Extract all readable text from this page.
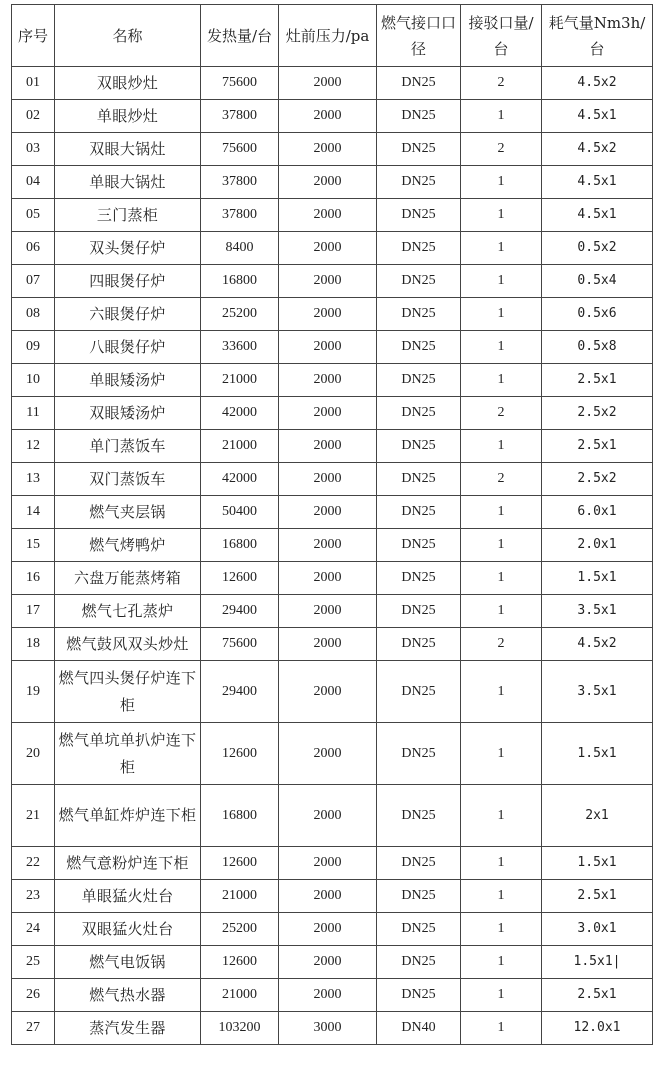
序号	名称	发热量/台	灶前压力/pa	燃气接口口径	接驳口量/台	耗气量Nm3h/台
01	双眼炒灶	75600	2000	DN25	2	4.5x2
02	单眼炒灶	37800	2000	DN25	1	4.5x1
03	双眼大锅灶	75600	2000	DN25	2	4.5x2
04	单眼大锅灶	37800	2000	DN25	1	4.5x1
05	三门蒸柜	37800	2000	DN25	1	4.5x1
06	双头煲仔炉	8400	2000	DN25	1	0.5x2
07	四眼煲仔炉	16800	2000	DN25	1	0.5x4
08	六眼煲仔炉	25200	2000	DN25	1	0.5x6
09	八眼煲仔炉	33600	2000	DN25	1	0.5x8
10	单眼矮汤炉	21000	2000	DN25	1	2.5x1
11	双眼矮汤炉	42000	2000	DN25	2	2.5x2
12	单门蒸饭车	21000	2000	DN25	1	2.5x1
13	双门蒸饭车	42000	2000	DN25	2	2.5x2
14	燃气夹层锅	50400	2000	DN25	1	6.0x1
15	燃气烤鸭炉	16800	2000	DN25	1	2.0x1
16	六盘万能蒸烤箱	12600	2000	DN25	1	1.5x1
17	燃气七孔蒸炉	29400	2000	DN25	1	3.5x1
18	燃气鼓风双头炒灶	75600	2000	DN25	2	4.5x2
19	燃气四头煲仔炉连下柜	29400	2000	DN25	1	3.5x1
20	燃气单坑单扒炉连下柜	12600	2000	DN25	1	1.5x1
21	燃气单缸炸炉连下柜	16800	2000	DN25	1	2x1
22	燃气意粉炉连下柜	12600	2000	DN25	1	1.5x1
23	单眼猛火灶台	21000	2000	DN25	1	2.5x1
24	双眼猛火灶台	25200	2000	DN25	1	3.0x1
25	燃气电饭锅	12600	2000	DN25	1	1.5x1|
26	燃气热水器	21000	2000	DN25	1	2.5x1
27	蒸汽发生器	103200	3000	DN40	1	12.0x1
